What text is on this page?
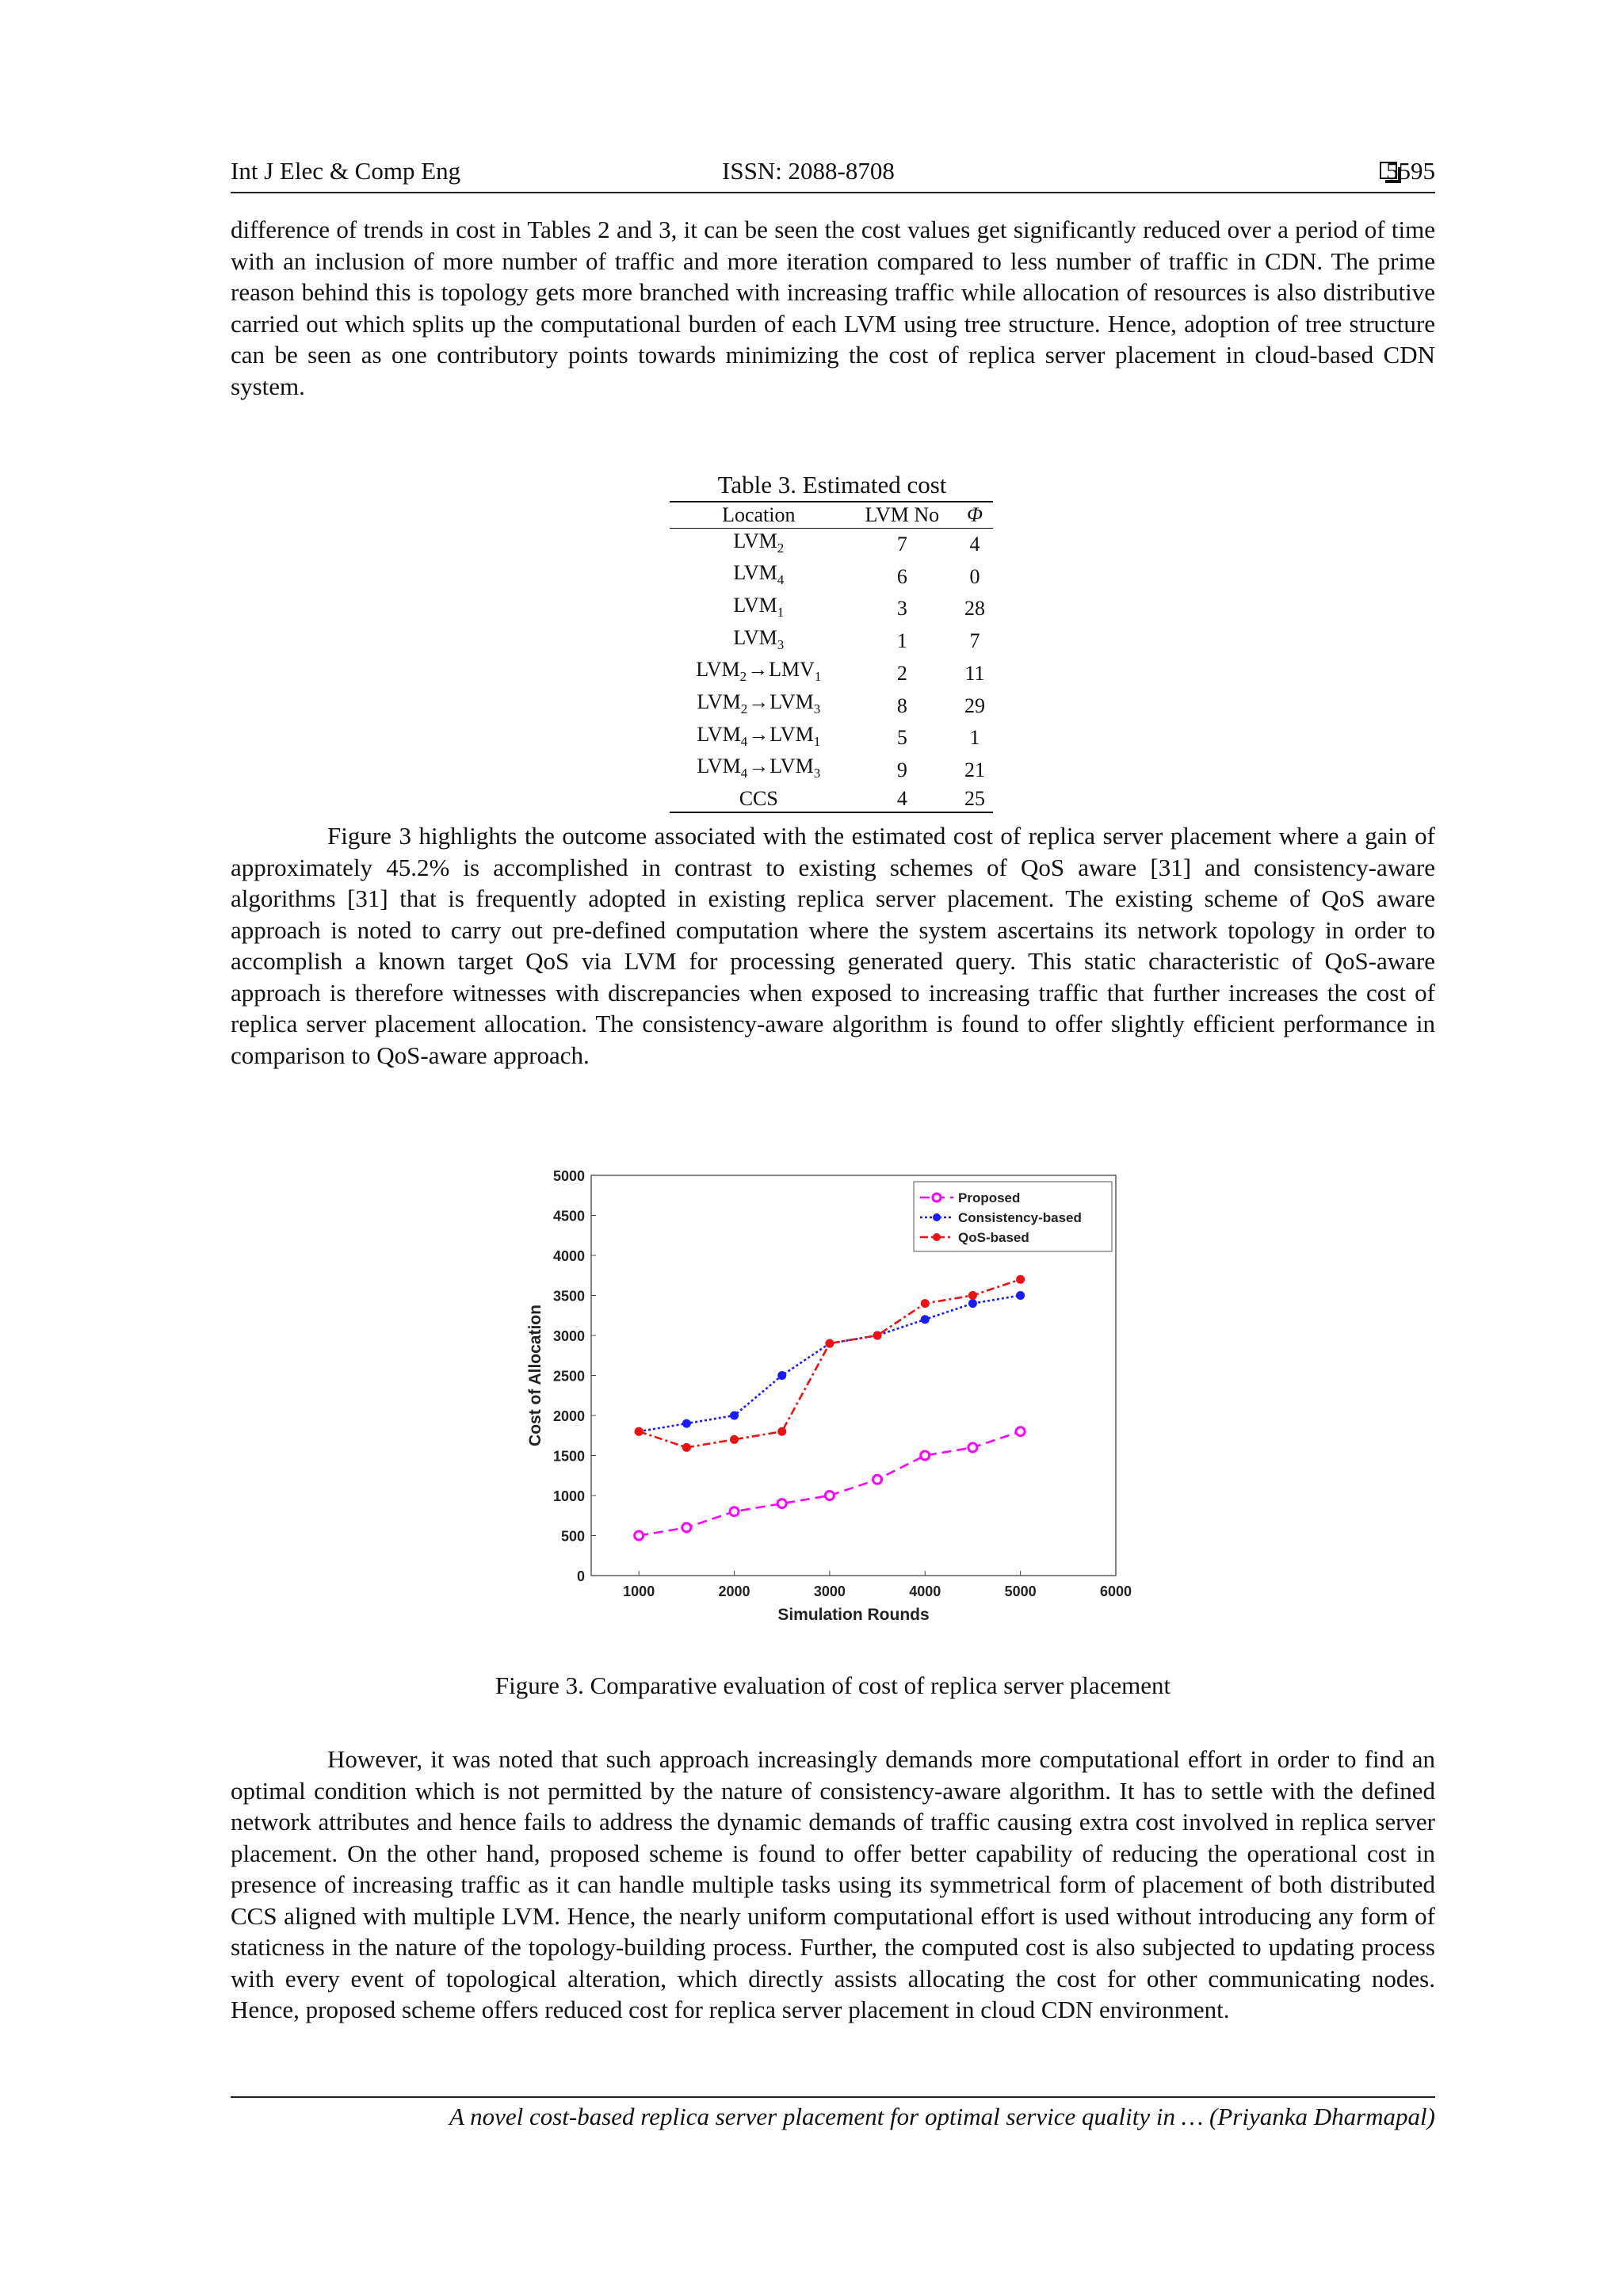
Int J Elec & Comp Eng	ISSN: 2088-8708	5595

difference of trends in cost in Tables 2 and 3, it can be seen the cost values get significantly reduced over a period of time with an inclusion of more number of traffic and more iteration compared to less number of traffic in CDN. The prime reason behind this is topology gets more branched with increasing traffic while allocation of resources is also distributive carried out which splits up the computational burden of each LVM using tree structure. Hence, adoption of tree structure can be seen as one contributory points towards minimizing the cost of replica server placement in cloud-based CDN system.

Table 3. Estimated cost
Location	LVM No	Φ
$LVM_2$	7	4
$LVM_4$	6	0
$LVM_1$	3	28
$LVM_3$	1	7
$LVM_2\to LMV_1$	2	11
$LVM_2\to LVM_3$	8	29
$LVM_4\to LVM_1$	5	1
$LVM_4\to LVM_3$	9	21
CCS	4	25

Figure 3 highlights the outcome associated with the estimated cost of replica server placement where a gain of approximately 45.2% is accomplished in contrast to existing schemes of QoS aware [31] and consistency-aware algorithms [31] that is frequently adopted in existing replica server placement. The existing scheme of QoS aware approach is noted to carry out pre-defined computation where the system ascertains its network topology in order to accomplish a known target QoS via LVM for processing generated query. This static characteristic of QoS-aware approach is therefore witnesses with discrepancies when exposed to increasing traffic that further increases the cost of replica server placement allocation. The consistency-aware algorithm is found to offer slightly efficient performance in comparison to QoS-aware approach.

0
500
1000
1500
2000
2500
3000
3500
4000
4500
5000
1000	2000	3000	4000	5000	6000
Proposed
Consistency-based
QoS-based
Simulation Rounds
Cost of Allocation
Figure 3. Comparative evaluation of cost of replica server placement

However, it was noted that such approach increasingly demands more computational effort in order to find an optimal condition which is not permitted by the nature of consistency-aware algorithm. It has to settle with the defined network attributes and hence fails to address the dynamic demands of traffic causing extra cost involved in replica server placement. On the other hand, proposed scheme is found to offer better capability of reducing the operational cost in presence of increasing traffic as it can handle multiple tasks using its symmetrical form of placement of both distributed CCS aligned with multiple LVM. Hence, the nearly uniform computational effort is used without introducing any form of staticness in the nature of the topology-building process. Further, the computed cost is also subjected to updating process with every event of topological alteration, which directly assists allocating the cost for other communicating nodes. Hence, proposed scheme offers reduced cost for replica server placement in cloud CDN environment.

A novel cost-based replica server placement for optimal service quality in … (Priyanka Dharmapal)
